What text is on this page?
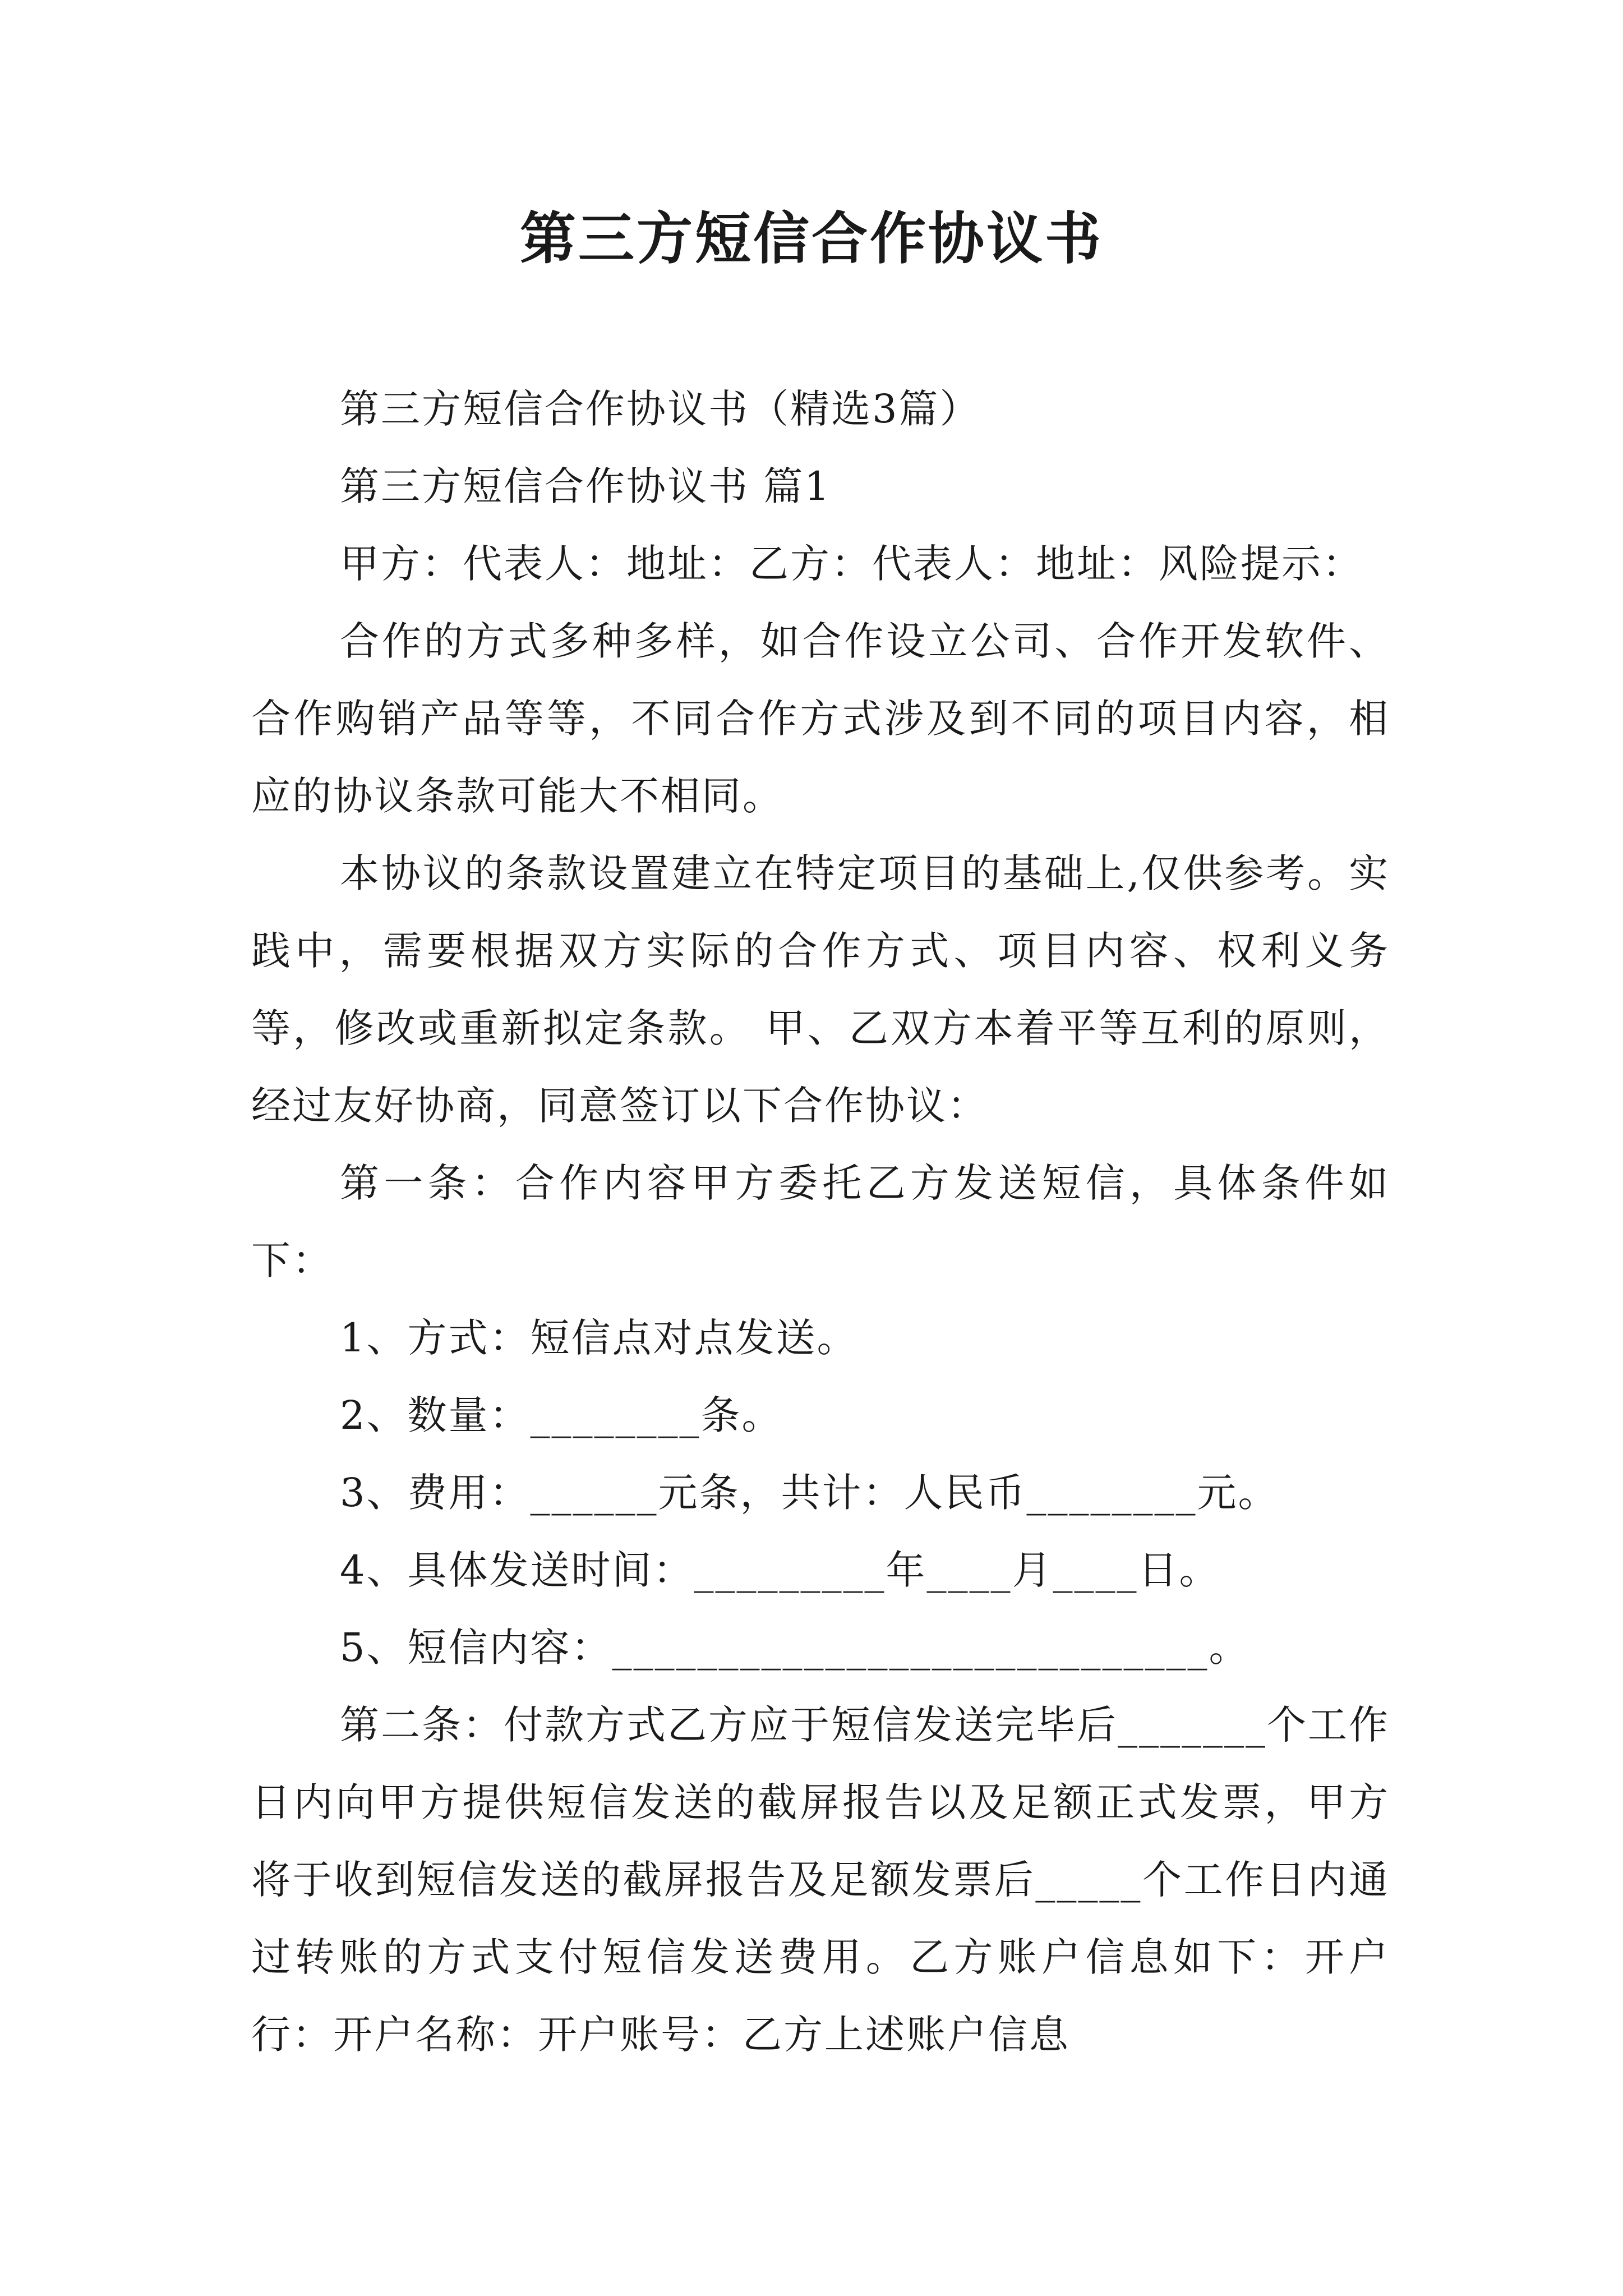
第三方短信合作协议书

第三方短信合作协议书（精选3篇）

第三方短信合作协议书 篇1

甲方：代表人：地址：乙方：代表人：地址：风险提示：

合作的方式多种多样，如合作设立公司、合作开发软件、合作购销产品等等，不同合作方式涉及到不同的项目内容，相应的协议条款可能大不相同。

本协议的条款设置建立在特定项目的基础上,仅供参考。实践中，需要根据双方实际的合作方式、项目内容、权利义务等，修改或重新拟定条款。 甲、乙双方本着平等互利的原则，经过友好协商，同意签订以下合作协议：

第一条：合作内容甲方委托乙方发送短信，具体条件如下：

1、方式：短信点对点发送。

2、数量：________条。

3、费用：______元条，共计：人民币________元。

4、具体发送时间：_________年____月____日。

5、短信内容：____________________________。

第二条：付款方式乙方应于短信发送完毕后_______个工作日内向甲方提供短信发送的截屏报告以及足额正式发票，甲方将于收到短信发送的截屏报告及足额发票后_____个工作日内通过转账的方式支付短信发送费用。乙方账户信息如下：开户行：开户名称：开户账号：乙方上述账户信息
